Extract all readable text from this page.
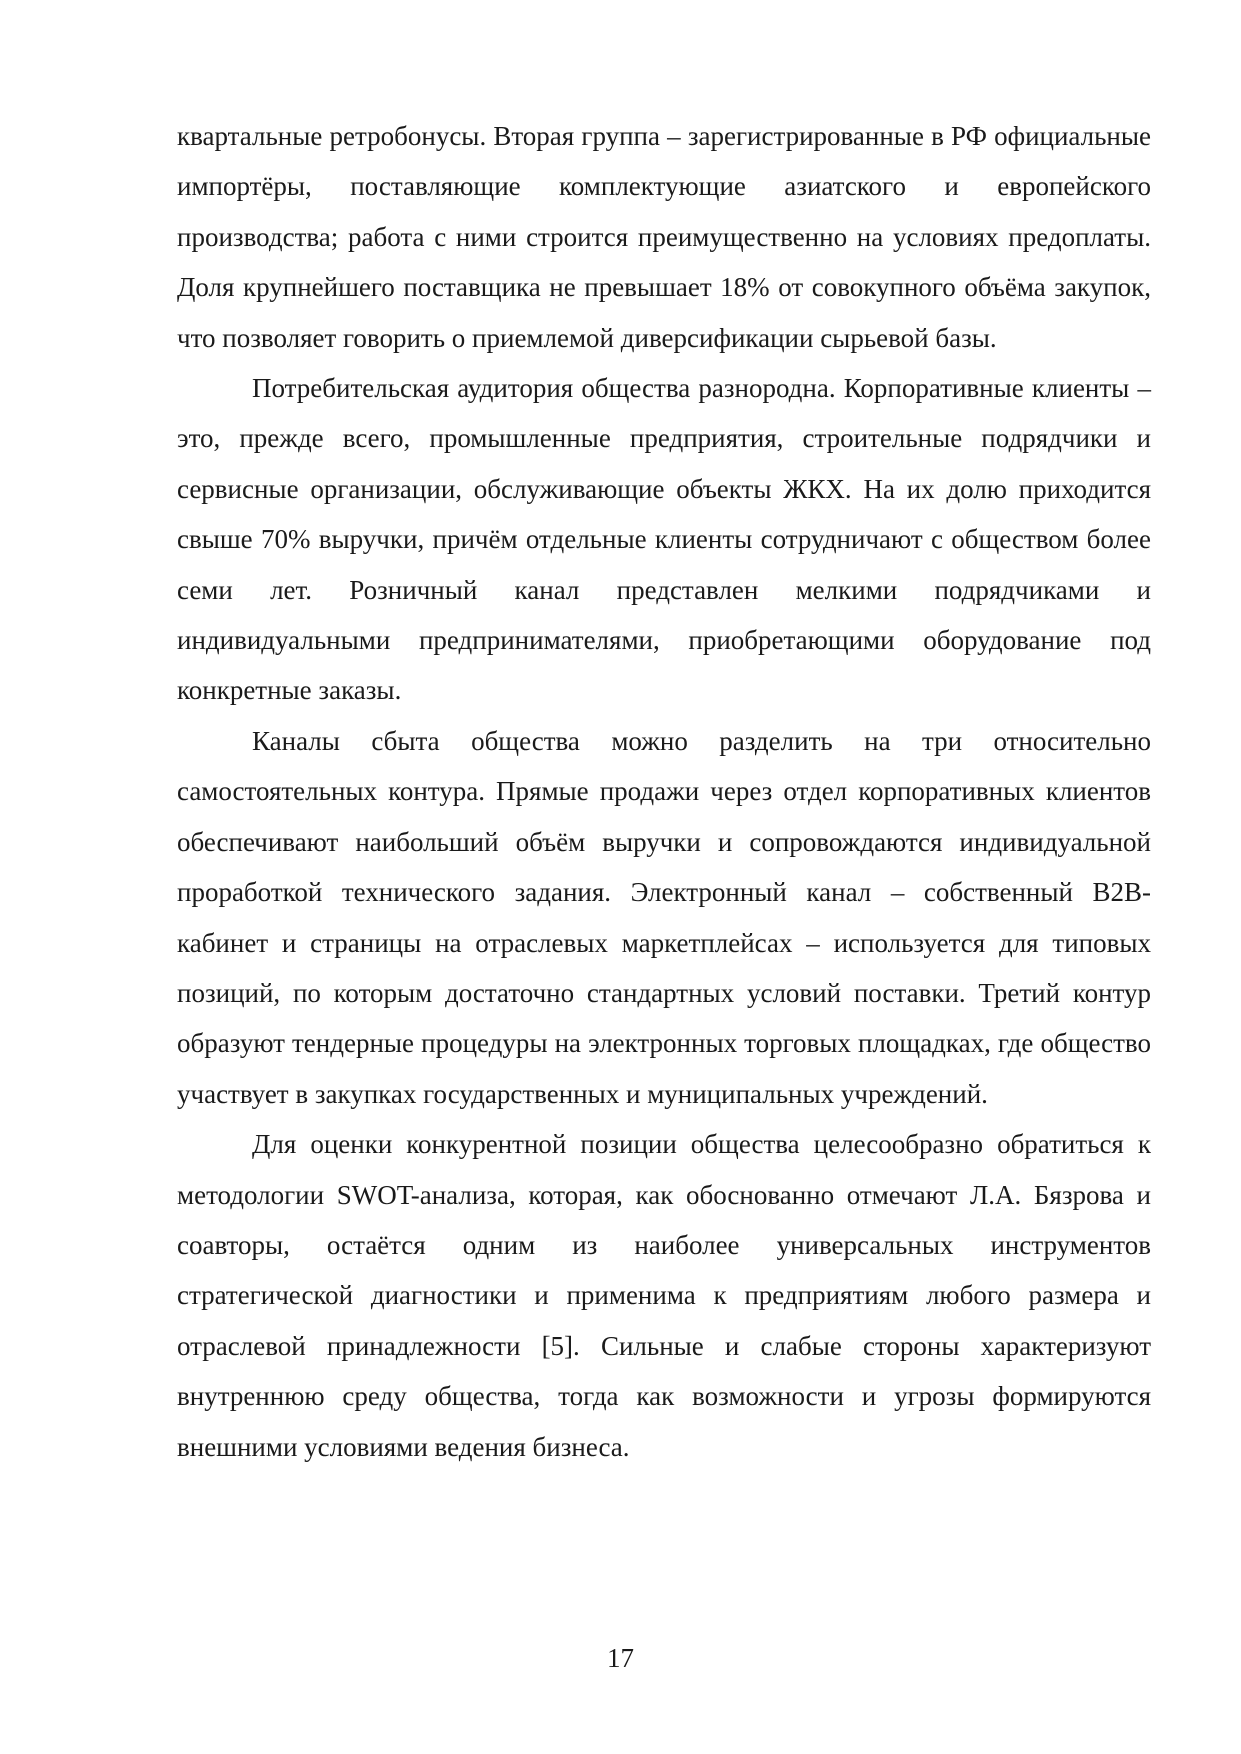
квартальные ретробонусы. Вторая группа – зарегистрированные в РФ официальные импортёры, поставляющие комплектующие азиатского и европейского производства; работа с ними строится преимущественно на условиях предоплаты. Доля крупнейшего поставщика не превышает 18% от совокупного объёма закупок, что позволяет говорить о приемлемой диверсификации сырьевой базы.

Потребительская аудитория общества разнородна. Корпоративные клиенты – это, прежде всего, промышленные предприятия, строительные подрядчики и сервисные организации, обслуживающие объекты ЖКХ. На их долю приходится свыше 70% выручки, причём отдельные клиенты сотрудничают с обществом более семи лет. Розничный канал представлен мелкими подрядчиками и индивидуальными предпринимателями, приобретающими оборудование под конкретные заказы.

Каналы сбыта общества можно разделить на три относительно самостоятельных контура. Прямые продажи через отдел корпоративных клиентов обеспечивают наибольший объём выручки и сопровождаются индивидуальной проработкой технического задания. Электронный канал – собственный B2B-кабинет и страницы на отраслевых маркетплейсах – используется для типовых позиций, по которым достаточно стандартных условий поставки. Третий контур образуют тендерные процедуры на электронных торговых площадках, где общество участвует в закупках государственных и муниципальных учреждений.

Для оценки конкурентной позиции общества целесообразно обратиться к методологии SWOT-анализа, которая, как обоснованно отмечают Л.А. Бязрова и соавторы, остаётся одним из наиболее универсальных инструментов стратегической диагностики и применима к предприятиям любого размера и отраслевой принадлежности [5]. Сильные и слабые стороны характеризуют внутреннюю среду общества, тогда как возможности и угрозы формируются внешними условиями ведения бизнеса.

17
